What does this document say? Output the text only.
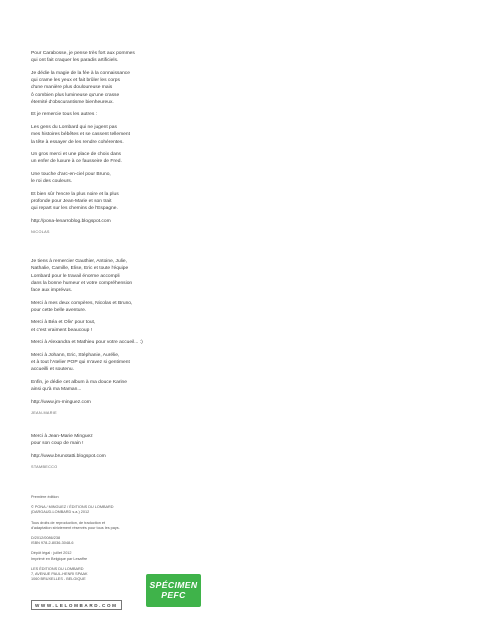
Pour Carabosse, je pense très fort aux pommes
qui ont fait craquer les paradis artificiels.

Je dédie la magie de la fée à la connaissance
qui crame les yeux et fait brûler les corps
d'une manière plus douloureuse mais
ô combien plus lumineuse qu'une crasse
éternité d'obscurantisme bienheureux.

Et je remercie tous les autres :

Les gens du Lombard qui ne jugent pas
mes histoires bébêtes et se cassent tellement
la tête à essayer de les rendre cohérentes.

Un gros merci et une place de choix dans
un enfer de luxure à ce fausseire de Fred.

Une touche d'arc-en-ciel pour Bruno,
le roi des couleurs.

Et bien sûr l'encre la plus noire et la plus
profonde pour Jean-Marie et son trait
qui repart sur les chemins de l'Espagne.

http://pona-lenarroblog.blogspot.com

NICOLAS

Je tiens à remercier Gauthier, Antoine, Julie,
Nathalie, Camille, Elise, Eric et toute l'équipe
Lombard pour le travail énorme accompli
dans la bonne humeur et votre compréhension
face aux imprévus.

Merci à mes deux compères, Nicolas et Bruno,
pour cette belle aventure.

Merci à Béa et Oliv' pour tout,
et c'est vraiment beaucoup !

Merci à Alexandra et Mathieu pour votre accueil... :)

Merci à Johann, Eric, Stéphanie, Aurélie,
et à tout l'Atelier POP qui m'avez si gentiment
accueilli et soutenu.

Enfin, je dédie cet album à ma douce Karine
ainsi qu'à ma Maman...

http://www.jm-minguez.com

JEAN-MARIE

Merci à Jean-Marie Minguez
pour son coup de main !

http://www.brunotatti.blogspot.com

STAMBECCO

Première édition

© PONA / MINGUEZ / ÉDITIONS DU LOMBARD
(DARGAUD-LOMBARD s.a.) 2012

Tous droits de reproduction, de traduction et
d'adaptation strictement réservés pour tous les pays.

D/2012/0086/238
ISBN 978-2-8036-3048-6

Dépôt légal : juillet 2012
Imprimé en Belgique par Lesaffre

LES ÉDITIONS DU LOMBARD
7, AVENUE PAUL-HENRI SPAAK
1060 BRUXELLES - BELGIQUE

WWW.LELOMBARD.COM
SPÉCIMEN
PEFC
